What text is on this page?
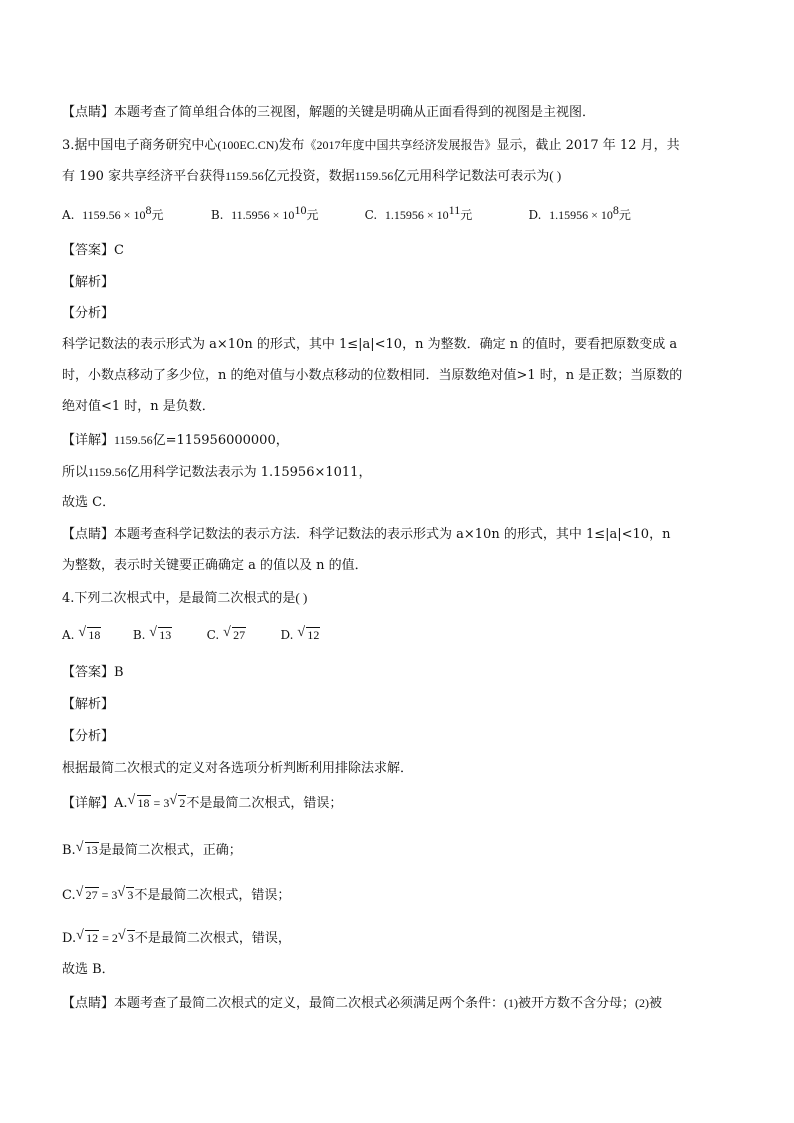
【点睛】本题考查了简单组合体的三视图，解题的关键是明确从正面看得到的视图是主视图．
3.据中国电子商务研究中心(100EC.CN)发布《2017年度中国共享经济发展报告》显示，截止 2017 年 12 月，共
有 190 家共享经济平台获得1159.56亿元投资，数据1159.56亿元用科学记数法可表示为( )
A. $1159.56 \times 10^8$元	B. $11.5956 \times 10^{10}$元	C. $1.15956 \times 10^{11}$元	D. $1.15956 \times 10^8$元
【答案】C
【解析】
【分析】
科学记数法的表示形式为 a×10n 的形式，其中 1≤|a|<10，n 为整数．确定 n 的值时，要看把原数变成 a
时，小数点移动了多少位，n 的绝对值与小数点移动的位数相同．当原数绝对值>1 时，n 是正数；当原数的
绝对值<1 时，n 是负数．
【详解】1159.56亿=115956000000，
所以1159.56亿用科学记数法表示为 1.15956×1011，
故选 C．
【点睛】本题考查科学记数法的表示方法．科学记数法的表示形式为 a×10n 的形式，其中 1≤|a|<10，n
为整数，表示时关键要正确确定 a 的值以及 n 的值．
4.下列二次根式中，是最简二次根式的是( )
A. √ 18	B. √ 13	C. √ 27	D. √ 12
【答案】B
【解析】
【分析】
根据最简二次根式的定义对各选项分析判断利用排除法求解．
【详解】A. √ 18 = 3 √ 2不是最简二次根式，错误；
B. √ 13是最简二次根式，正确；
C. √ 27 = 3 √ 3不是最简二次根式，错误；
D. √ 12 = 2 √ 3不是最简二次根式，错误，
故选 B．
【点睛】本题考查了最简二次根式的定义，最简二次根式必须满足两个条件：(1)被开方数不含分母；(2)被
